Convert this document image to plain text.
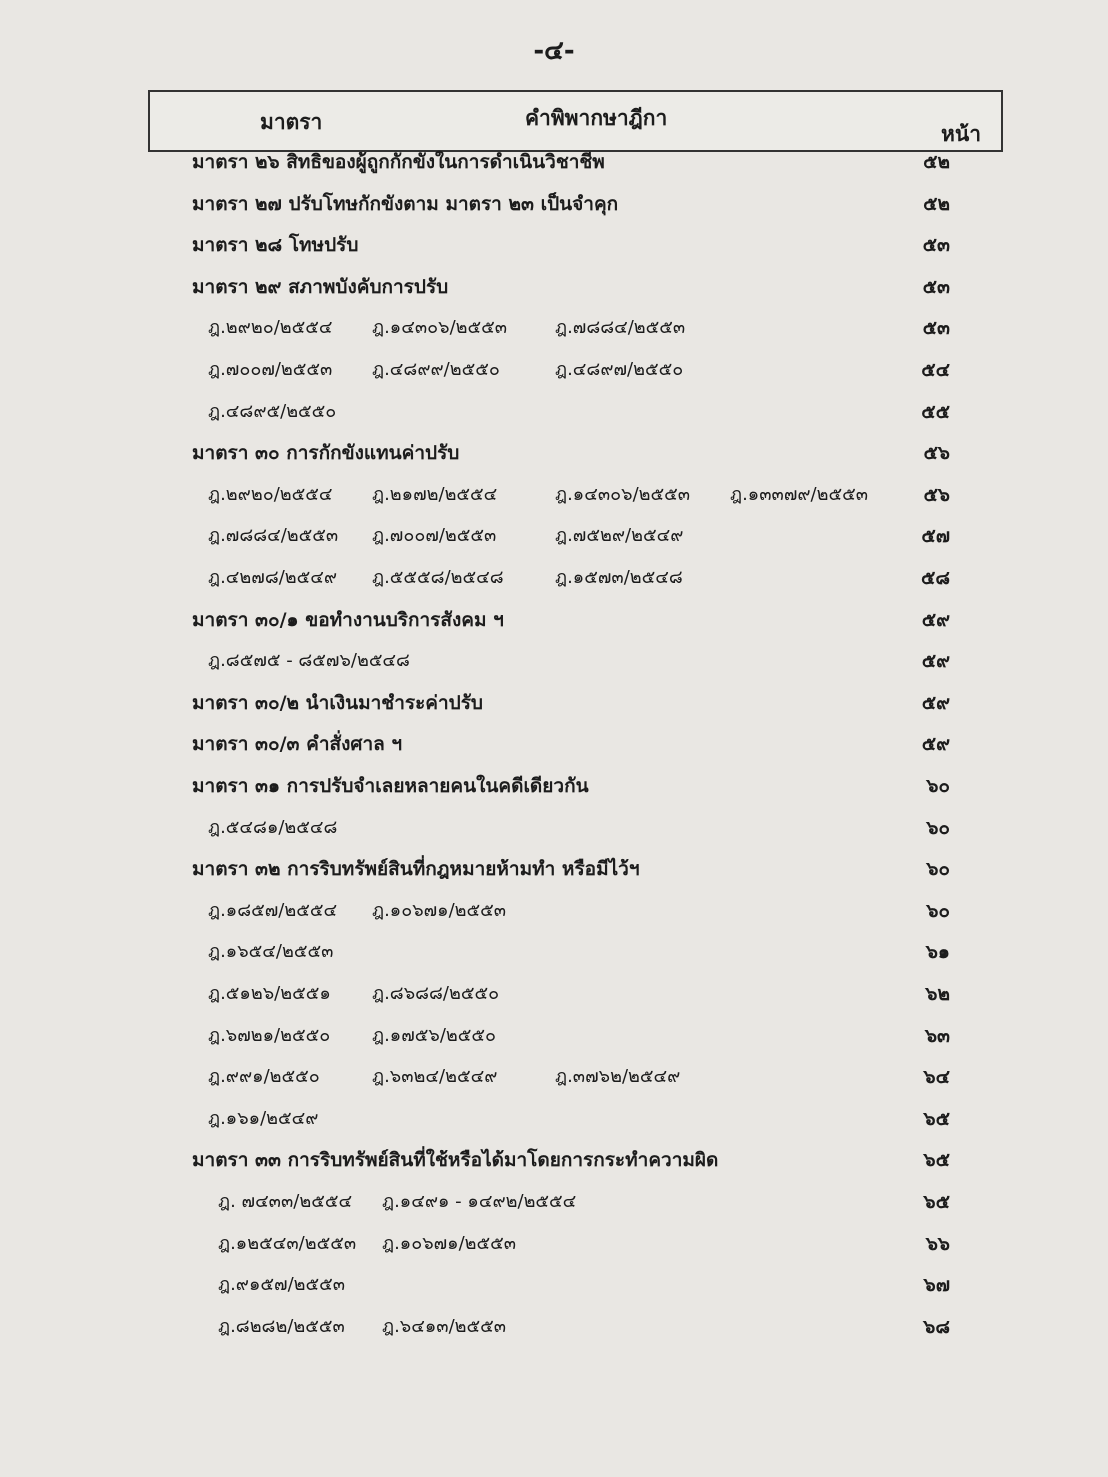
-๔-
มาตรา	คำพิพากษาฎีกา
หน้า
มาตรา ๒๖ สิทธิของผู้ถูกกักขังในการดำเนินวิชาชีพ	๕๒
มาตรา ๒๗ ปรับโทษกักขังตาม มาตรา ๒๓ เป็นจำคุก	๕๒
มาตรา ๒๘ โทษปรับ	๕๓
มาตรา ๒๙ สภาพบังคับการปรับ	๕๓
ฎ.๒๙๒๐/๒๕๕๔ ฎ.๑๔๓๐๖/๒๕๕๓	ฎ.๗๘๘๔/๒๕๕๓	๕๓
ฎ.๗๐๐๗/๒๕๕๓ ฎ.๔๘๙๙/๒๕๕๐	ฎ.๔๘๙๗/๒๕๕๐	๕๔
ฎ.๔๘๙๕/๒๕๕๐	๕๕
มาตรา ๓๐ การกักขังแทนค่าปรับ	๕๖
ฎ.๒๙๒๐/๒๕๕๔ ฎ.๒๑๗๒/๒๕๕๔	ฎ.๑๔๓๐๖/๒๕๕๓ ฎ.๑๓๓๗๙/๒๕๕๓	๕๖
ฎ.๗๘๘๔/๒๕๕๓ ฎ.๗๐๐๗/๒๕๕๓	ฎ.๗๕๒๙/๒๕๔๙	๕๗
ฎ.๔๒๗๘/๒๕๔๙ ฎ.๕๕๕๘/๒๕๔๘	ฎ.๑๕๗๓/๒๕๔๘	๕๘
มาตรา ๓๐/๑ ขอทำงานบริการสังคม ฯ	๕๙
ฎ.๘๕๗๕ - ๘๕๗๖/๒๕๔๘	๕๙
มาตรา ๓๐/๒ นำเงินมาชำระค่าปรับ	๕๙
มาตรา ๓๐/๓ คำสั่งศาล ฯ	๕๙
มาตรา ๓๑ การปรับจำเลยหลายคนในคดีเดียวกัน	๖๐
ฎ.๕๔๘๑/๒๕๔๘	๖๐
มาตรา ๓๒ การริบทรัพย์สินที่กฎหมายห้ามทำ หรือมีไว้ฯ	๖๐
ฎ.๑๘๕๗/๒๕๕๔ ฎ.๑๐๖๗๑/๒๕๕๓	๖๐
ฎ.๑๖๕๔/๒๕๕๓	๖๑
ฎ.๕๑๒๖/๒๕๕๑ ฎ.๘๖๘๘/๒๕๕๐	๖๒
ฎ.๖๗๒๑/๒๕๕๐ ฎ.๑๗๕๖/๒๕๕๐	๖๓
ฎ.๙๙๑/๒๕๕๐	ฎ.๖๓๒๔/๒๕๔๙	ฎ.๓๗๖๒/๒๕๔๙	๖๔
ฎ.๑๖๑/๒๕๔๙	๖๕
มาตรา ๓๓ การริบทรัพย์สินที่ใช้หรือได้มาโดยการกระทำความผิด	๖๕
ฎ. ๗๔๓๓/๒๕๕๔ ฎ.๑๔๙๑ - ๑๔๙๒/๒๕๕๔	๖๕
ฎ.๑๒๕๔๓/๒๕๕๓ ฎ.๑๐๖๗๑/๒๕๕๓	๖๖
ฎ.๙๑๕๗/๒๕๕๓	๖๗
ฎ.๘๒๘๒/๒๕๕๓ ฎ.๖๔๑๓/๒๕๕๓	๖๘
